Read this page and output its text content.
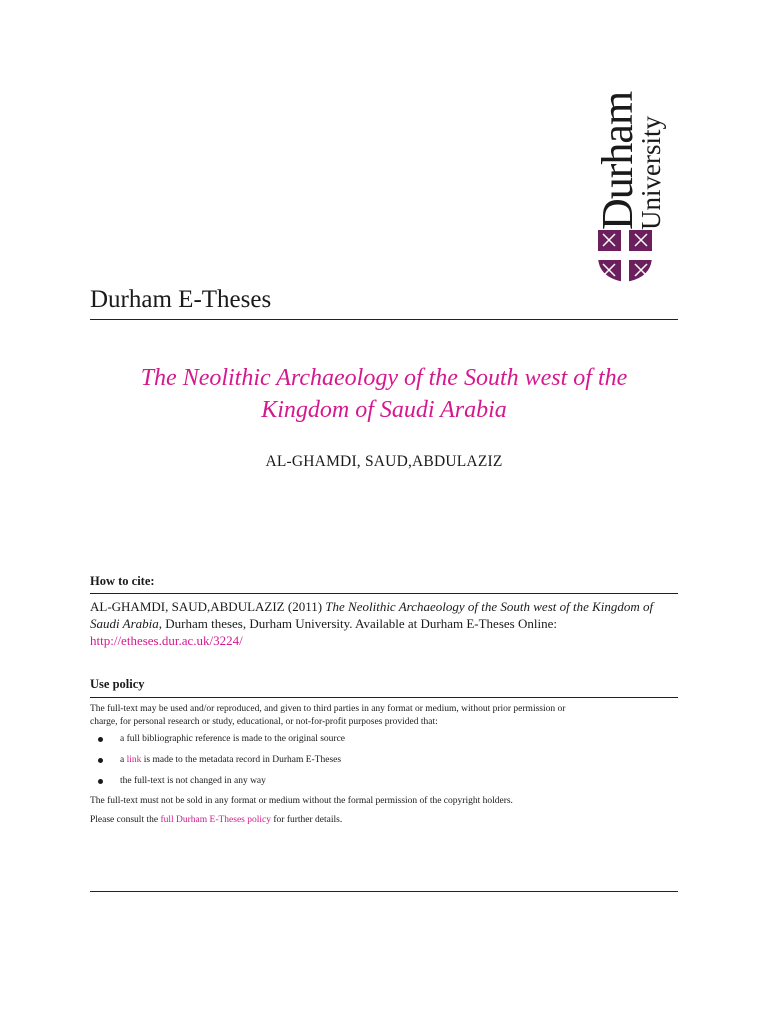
Durham
University
Durham E-Theses
The Neolithic Archaeology of the South west of the
Kingdom of Saudi Arabia
AL-GHAMDI, SAUD,ABDULAZIZ
How to cite:
AL-GHAMDI, SAUD,ABDULAZIZ (2011) The Neolithic Archaeology of the South west of the Kingdom of
Saudi Arabia, Durham theses, Durham University. Available at Durham E-Theses Online:
http://etheses.dur.ac.uk/3224/
Use policy
The full-text may be used and/or reproduced, and given to third parties in any format or medium, without prior permission or
charge, for personal research or study, educational, or not-for-profit purposes provided that:
a full bibliographic reference is made to the original source
a link is made to the metadata record in Durham E-Theses
the full-text is not changed in any way
The full-text must not be sold in any format or medium without the formal permission of the copyright holders.
Please consult the full Durham E-Theses policy for further details.
